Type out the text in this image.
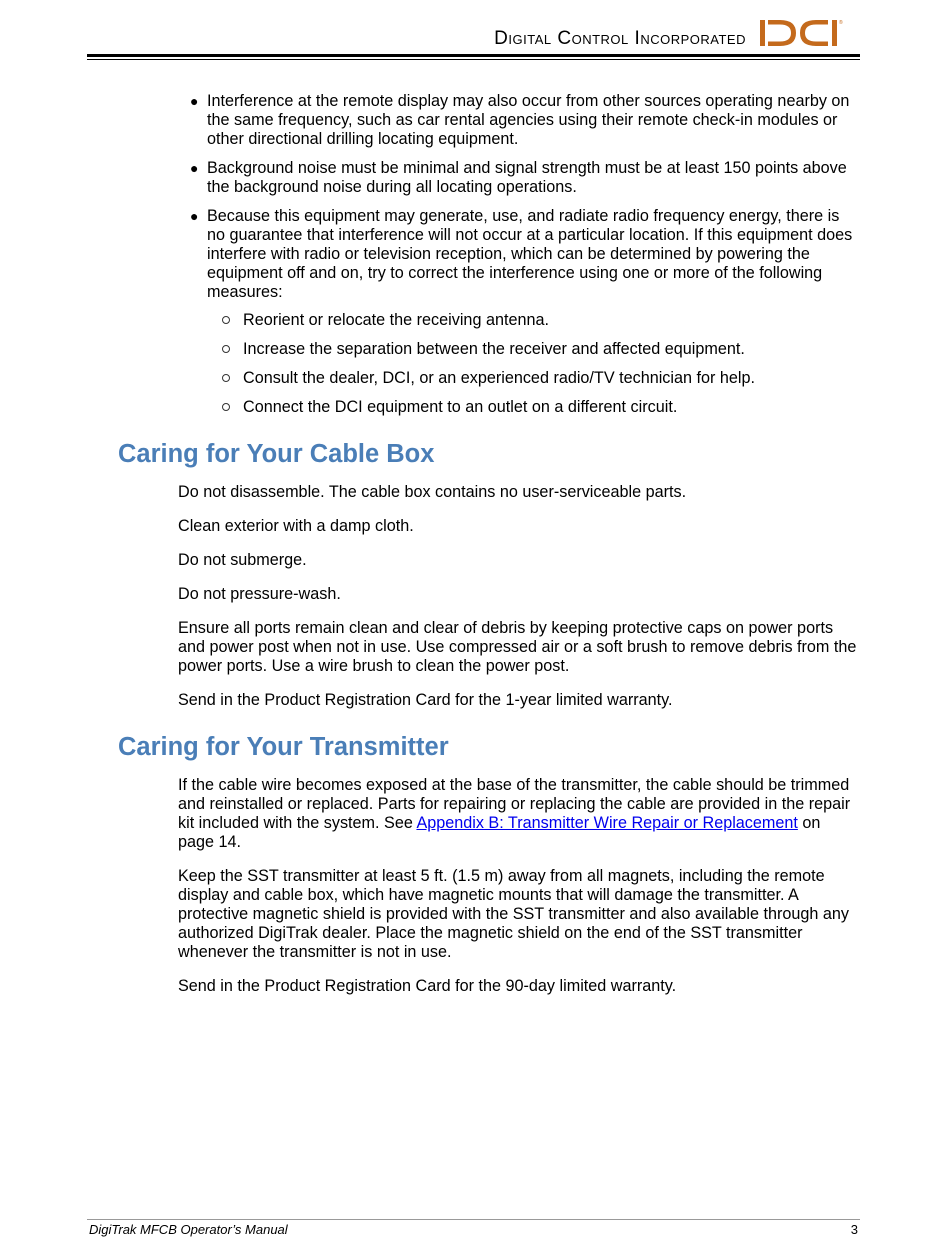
Digital Control Incorporated
®
● Interference at the remote display may also occur from other sources operating nearby on the same frequency, such as car rental agencies using their remote check-in modules or other directional drilling locating equipment.
● Background noise must be minimal and signal strength must be at least 150 points above the background noise during all locating operations.
● Because this equipment may generate, use, and radiate radio frequency energy, there is no guarantee that interference will not occur at a particular location. If this equipment does interfere with radio or television reception, which can be determined by powering the equipment off and on, try to correct the interference using one or more of the following measures:
Reorient or relocate the receiving antenna.
Increase the separation between the receiver and affected equipment.
Consult the dealer, DCI, or an experienced radio/TV technician for help.
Connect the DCI equipment to an outlet on a different circuit.
Caring for Your Cable Box

Do not disassemble. The cable box contains no user-serviceable parts.

Clean exterior with a damp cloth.

Do not submerge.

Do not pressure-wash.

Ensure all ports remain clean and clear of debris by keeping protective caps on power ports and power post when not in use. Use compressed air or a soft brush to remove debris from the power ports. Use a wire brush to clean the power post.

Send in the Product Registration Card for the 1-year limited warranty.

Caring for Your Transmitter

If the cable wire becomes exposed at the base of the transmitter, the cable should be trimmed and reinstalled or replaced. Parts for repairing or replacing the cable are provided in the repair kit included with the system. See Appendix B: Transmitter Wire Repair or Replacement on page 14.

Keep the SST transmitter at least 5 ft. (1.5 m) away from all magnets, including the remote display and cable box, which have magnetic mounts that will damage the transmitter. A protective magnetic shield is provided with the SST transmitter and also available through any authorized DigiTrak dealer. Place the magnetic shield on the end of the SST transmitter whenever the transmitter is not in use.

Send in the Product Registration Card for the 90-day limited warranty.

DigiTrak MFCB Operator’s Manual	3
